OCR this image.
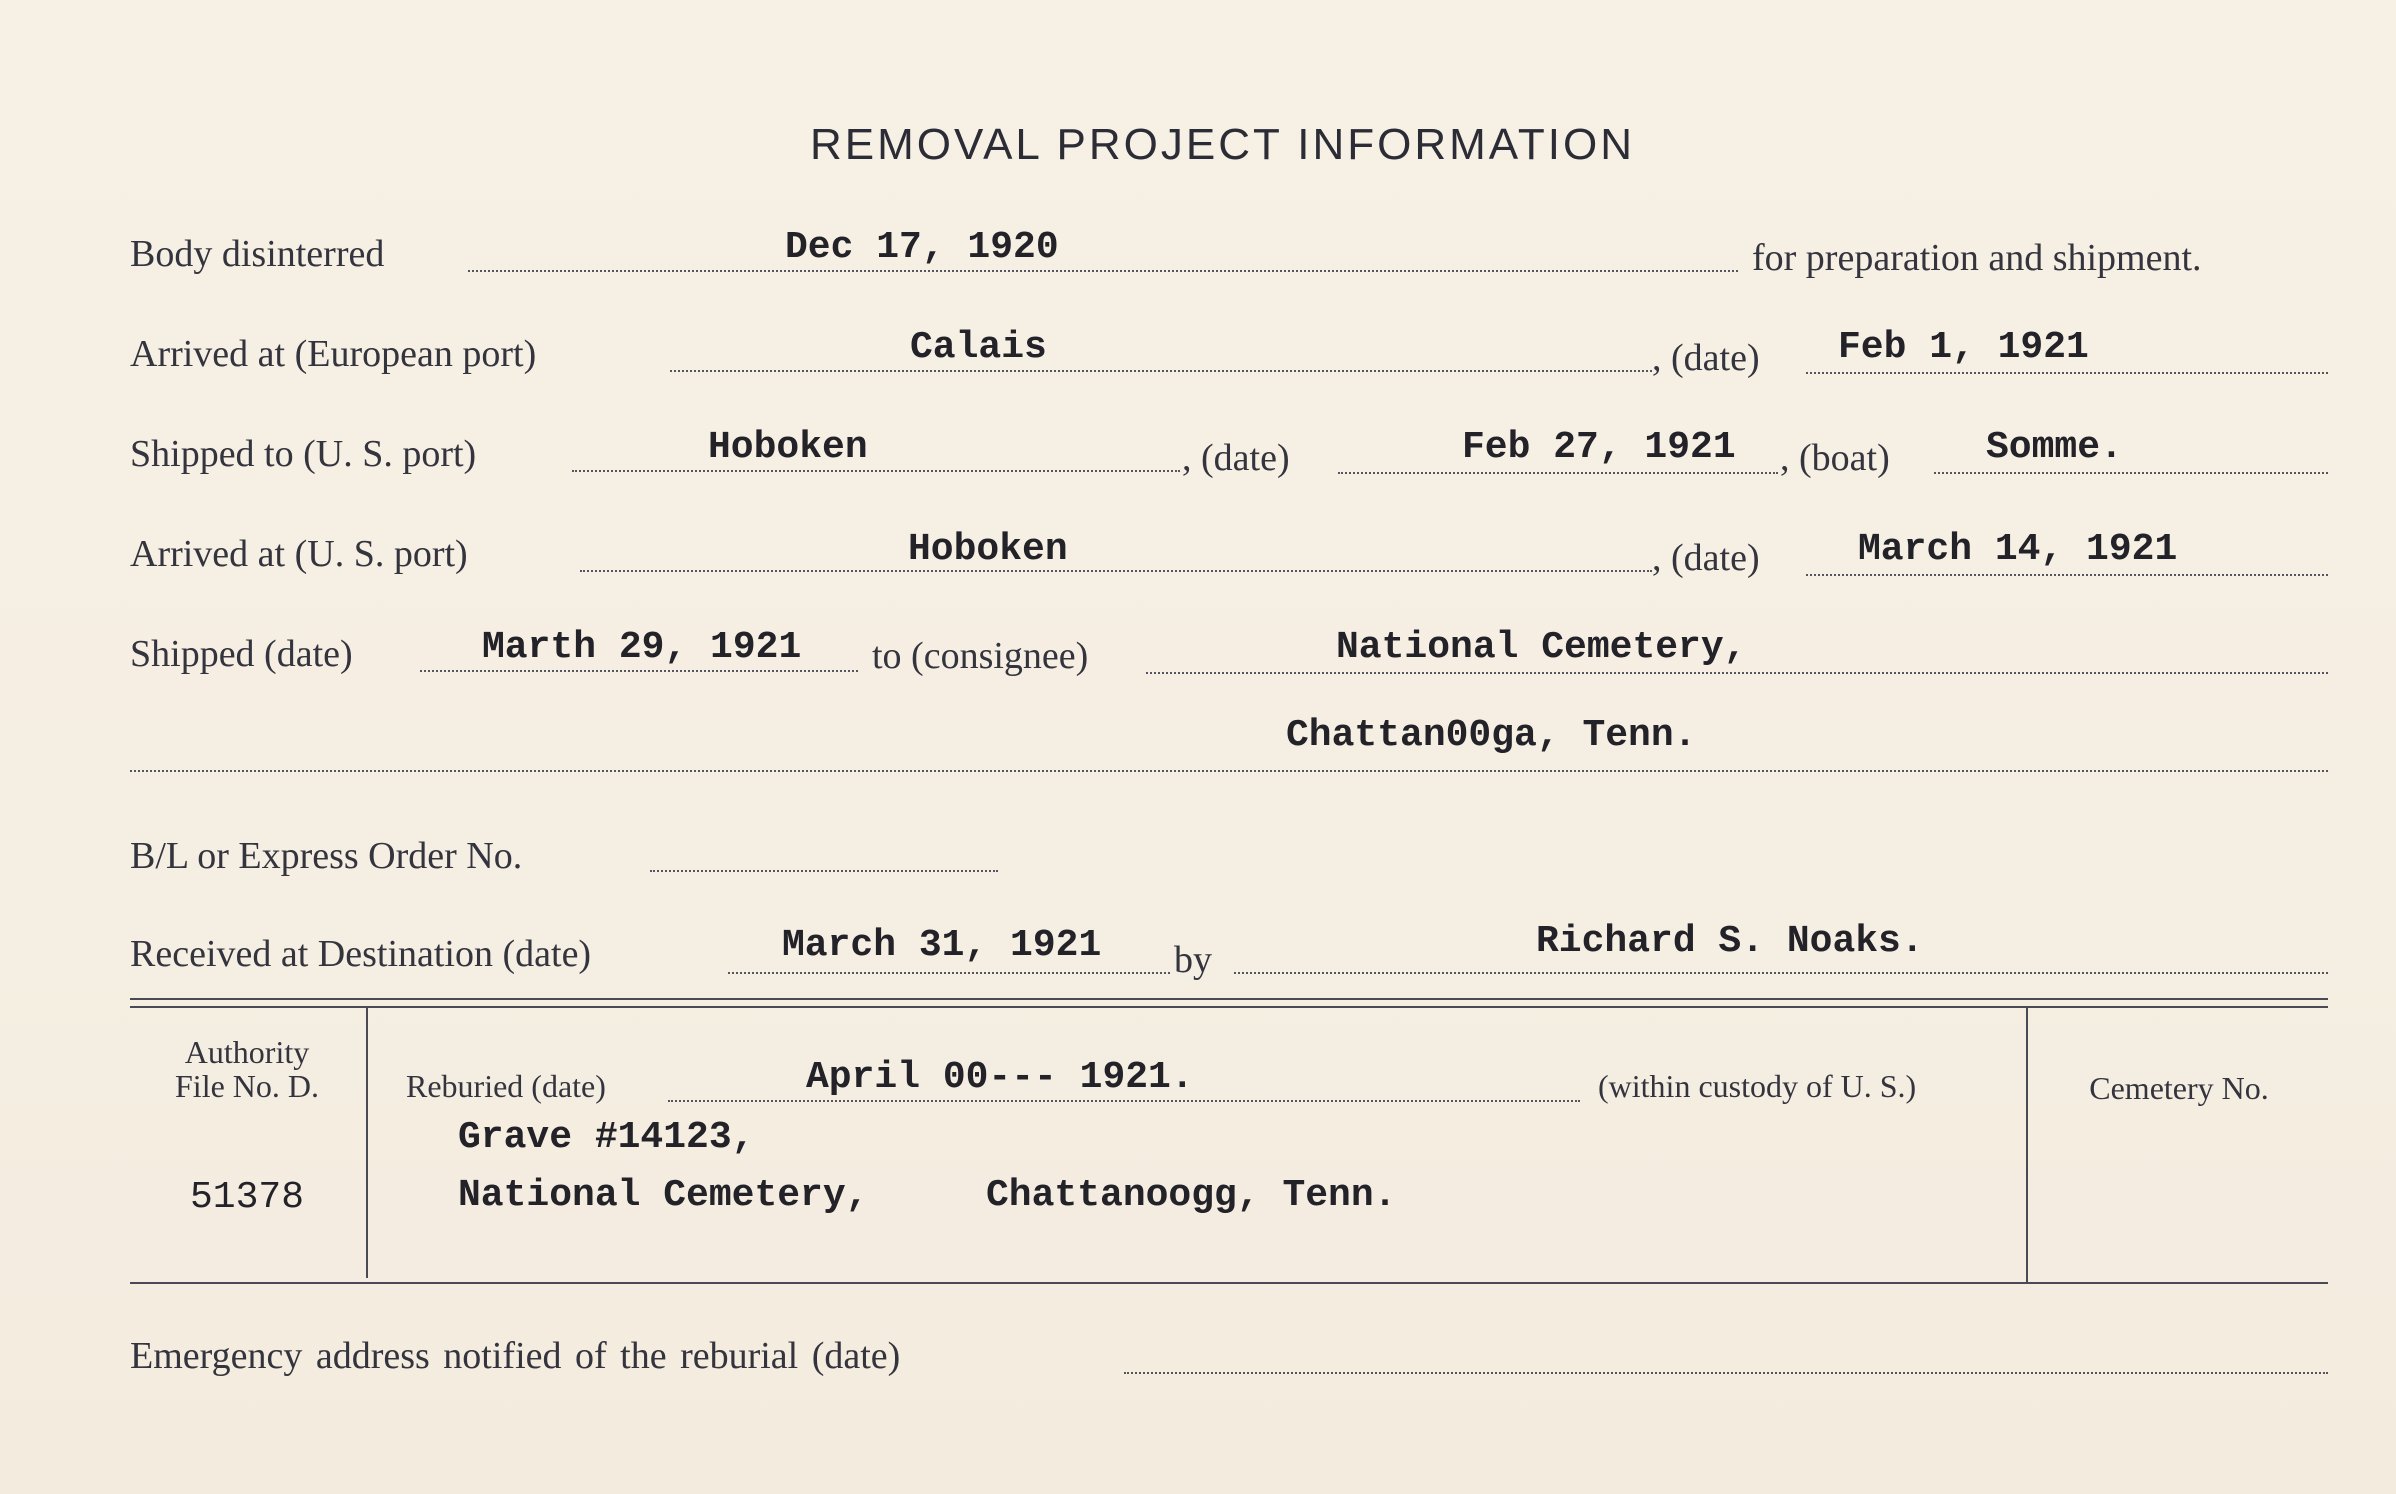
REMOVAL PROJECT INFORMATION
Body disinterred	Dec 17, 1920	for preparation and shipment.
Arrived at (European port)	Calais	, (date) Feb 1, 1921
Shipped to (U. S. port)	Hoboken	, (date)	Feb 27, 1921 , (boat)	Somme.
Arrived at (U. S. port)	Hoboken	, (date)	March 14, 1921
Shipped (date)	Marth 29, 1921 to (consignee)	National Cemetery,
Chattan00ga, Tenn.
B/L or Express Order No.
Received at Destination (date)	March 31, 1921 by	Richard S. Noaks.
Authority
File No. D.
51378
Reburied (date)	April 00--- 1921.	(within custody of U. S.)
Grave #14123,
National Cemetery,	Chattanoogg, Tenn.
Cemetery No.
Emergency address notified of the reburial (date)
